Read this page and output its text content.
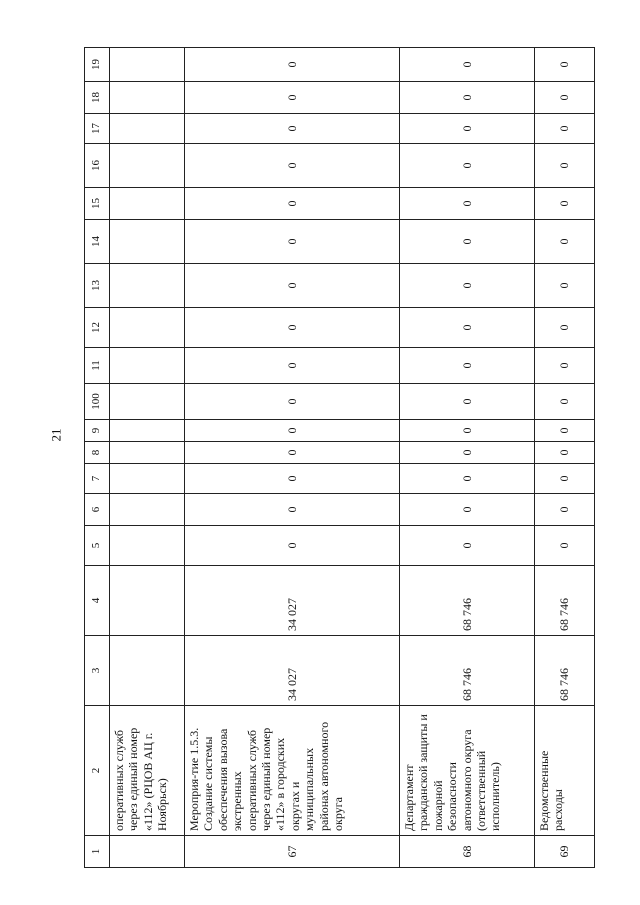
21
1	2	3	4	5	6	7	8	9	100	11	12	13	14	15	16	17	18	19
	оперативных служб через единый номер «112» (РЦОВ АЦ г. Ноябрьск)																	
67	Мероприя-тие 1.5.3. Создание системы обеспечения вызова экстренных оперативных служб через единый номер «112» в городских округах и муниципальных районах автономного округа	34 027	34 027	0	0	0	0	0	0	0	0	0	0	0	0	0	0	0
68	Департамент гражданской защиты и пожарной безопасности автономного округа (ответственный исполнитель)	68 746	68 746	0	0	0	0	0	0	0	0	0	0	0	0	0	0	0
69	Ведомственные расходы	68 746	68 746	0	0	0	0	0	0	0	0	0	0	0	0	0	0	0
